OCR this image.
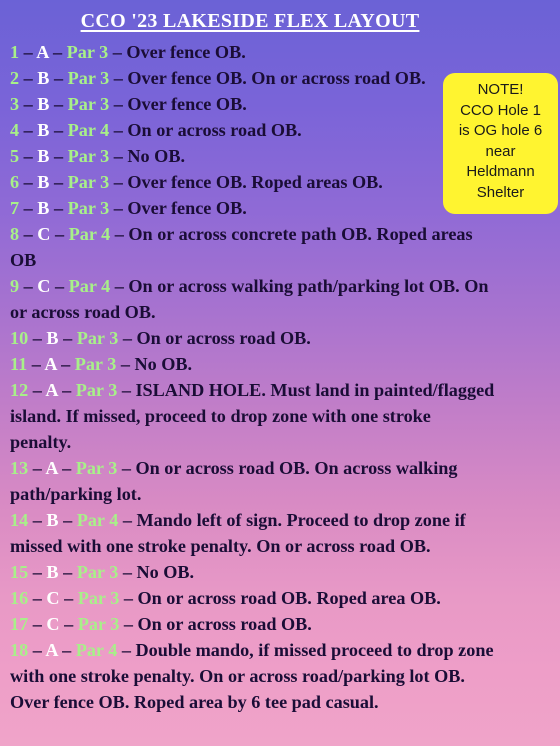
CCO '23 LAKESIDE FLEX LAYOUT
1 – A – Par 3 – Over fence OB.
2 – B – Par 3 – Over fence OB. On or across road OB.
3 – B – Par 3 – Over fence OB.
4 – B – Par 4 – On or across road OB.
5 – B – Par 3 – No OB.
6 – B – Par 3 – Over fence OB. Roped areas OB.
7 – B – Par 3 – Over fence OB.
8 – C – Par 4 – On or across concrete path OB. Roped areas OB
9 – C – Par 4 – On or across walking path/parking lot OB. On or across road OB.
10 – B – Par 3 – On or across road OB.
11 – A – Par 3 – No OB.
12 – A – Par 3 – ISLAND HOLE. Must land in painted/flagged island. If missed, proceed to drop zone with one stroke penalty.
13 – A – Par 3 – On or across road OB. On across walking path/parking lot.
14 – B – Par 4 – Mando left of sign. Proceed to drop zone if missed with one stroke penalty. On or across road OB.
15 – B – Par 3 – No OB.
16 – C – Par 3 – On or across road OB. Roped area OB.
17 – C – Par 3 – On or across road OB.
18 – A – Par 4 – Double mando, if missed proceed to drop zone with one stroke penalty. On or across road/parking lot OB. Over fence OB. Roped area by 6 tee pad casual.
NOTE!
CCO Hole 1
is OG hole 6
near
Heldmann
Shelter
